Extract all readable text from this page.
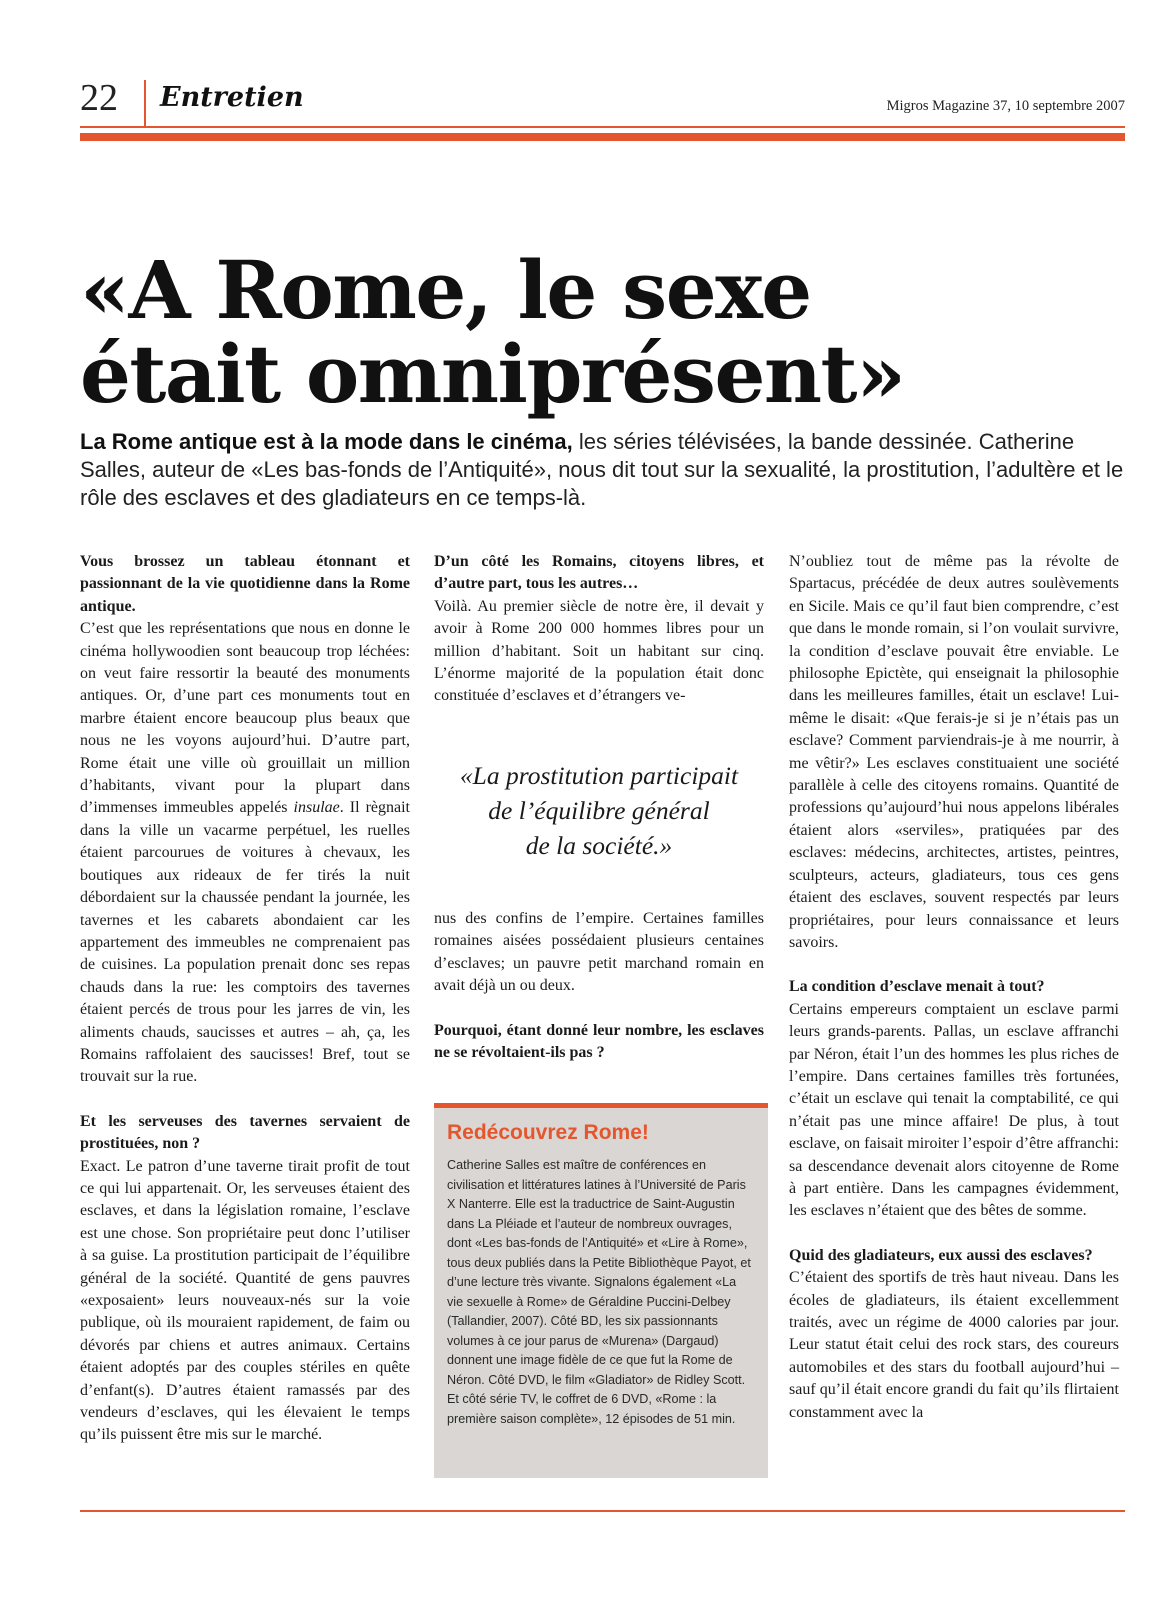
22 Entretien	Migros Magazine 37, 10 septembre 2007
«A Rome, le sexe
était omniprésent»

La Rome antique est à la mode dans le cinéma, les séries télévisées, la bande dessinée. Catherine Salles, auteur de «Les bas-fonds de l’Antiquité», nous dit tout sur la sexualité, la prostitution, l’adultère et le rôle des esclaves et des gladiateurs en ce temps-là.

Vous brossez un tableau étonnant et passionnant de la vie quotidienne dans la Rome antique.

C’est que les représentations que nous en donne le cinéma hollywoodien sont beaucoup trop léchées: on veut faire ressortir la beauté des monuments antiques. Or, d’une part ces monuments tout en marbre étaient encore beaucoup plus beaux que nous ne les voyons aujourd’hui. D’autre part, Rome était une ville où grouillait un million d’habitants, vivant pour la plupart dans d’immenses immeubles appelés insulae. Il règnait dans la ville un vacarme perpétuel, les ruelles étaient parcourues de voitures à chevaux, les boutiques aux rideaux de fer tirés la nuit débordaient sur la chaussée pendant la journée, les tavernes et les cabarets abondaient car les appartement des immeubles ne comprenaient pas de cuisines. La population prenait donc ses repas chauds dans la rue: les comptoirs des tavernes étaient percés de trous pour les jarres de vin, les aliments chauds, saucisses et autres – ah, ça, les Romains raffolaient des saucisses! Bref, tout se trouvait sur la rue.

Et les serveuses des tavernes servaient de prostituées, non ?

Exact. Le patron d’une taverne tirait profit de tout ce qui lui appartenait. Or, les serveuses étaient des esclaves, et dans la législation romaine, l’esclave est une chose. Son propriétaire peut donc l’utiliser à sa guise. La prostitution participait de l’équilibre général de la société. Quantité de gens pauvres «exposaient» leurs nouveaux-nés sur la voie publique, où ils mouraient rapidement, de faim ou dévorés par chiens et autres animaux. Certains étaient adoptés par des couples stériles en quête d’enfant(s). D’autres étaient ramassés par des vendeurs d’esclaves, qui les élevaient le temps qu’ils puissent être mis sur le marché.

D’un côté les Romains, citoyens libres, et d’autre part, tous les autres…

Voilà. Au premier siècle de notre ère, il devait y avoir à Rome 200 000 hommes libres pour un million d’habitant. Soit un habitant sur cinq. L’énorme majorité de la population était donc constituée d’esclaves et d’étrangers ve-

«La prostitution participait
de l’équilibre général
de la société.»

nus des confins de l’empire. Certaines familles romaines aisées possédaient plusieurs centaines d’esclaves; un pauvre petit marchand romain en avait déjà un ou deux.

Pourquoi, étant donné leur nombre, les esclaves ne se révoltaient-ils pas ?

Redécouvrez Rome!

Catherine Salles est maître de conférences en civilisation et littératures latines à l’Université de Paris X Nanterre. Elle est la traductrice de Saint-Augustin dans La Pléiade et l’auteur de nombreux ouvrages, dont «Les bas-fonds de l’Antiquité» et «Lire à Rome», tous deux publiés dans la Petite Bibliothèque Payot, et d’une lecture très vivante. Signalons également «La vie sexuelle à Rome» de Géraldine Puccini-Delbey (Tallandier, 2007). Côté BD, les six passionnants volumes à ce jour parus de «Murena» (Dargaud) donnent une image fidèle de ce que fut la Rome de Néron. Côté DVD, le film «Gladiator» de Ridley Scott. Et côté série TV, le coffret de 6 DVD, «Rome : la première saison complète», 12 épisodes de 51 min.

N’oubliez tout de même pas la révolte de Spartacus, précédée de deux autres soulèvements en Sicile. Mais ce qu’il faut bien comprendre, c’est que dans le monde romain, si l’on voulait survivre, la condition d’esclave pouvait être enviable. Le philosophe Epictète, qui enseignait la philosophie dans les meilleures familles, était un esclave! Lui-même le disait: «Que ferais-je si je n’étais pas un esclave? Comment parviendrais-je à me nourrir, à me vêtir?» Les esclaves constituaient une société parallèle à celle des citoyens romains. Quantité de professions qu’aujourd’hui nous appelons libérales étaient alors «serviles», pratiquées par des esclaves: médecins, architectes, artistes, peintres, sculpteurs, acteurs, gladiateurs, tous ces gens étaient des esclaves, souvent respectés par leurs propriétaires, pour leurs connaissance et leurs savoirs.

La condition d’esclave menait à tout?

Certains empereurs comptaient un esclave parmi leurs grands-parents. Pallas, un esclave affranchi par Néron, était l’un des hommes les plus riches de l’empire. Dans certaines familles très fortunées, c’était un esclave qui tenait la comptabilité, ce qui n’était pas une mince affaire! De plus, à tout esclave, on faisait miroiter l’espoir d’être affranchi: sa descendance devenait alors citoyenne de Rome à part entière. Dans les campagnes évidemment, les esclaves n’étaient que des bêtes de somme.

Quid des gladiateurs, eux aussi des esclaves?

C’étaient des sportifs de très haut niveau. Dans les écoles de gladiateurs, ils étaient excellemment traités, avec un régime de 4000 calories par jour. Leur statut était celui des rock stars, des coureurs automobiles et des stars du football aujourd’hui – sauf qu’il était encore grandi du fait qu’ils flirtaient constamment avec la
